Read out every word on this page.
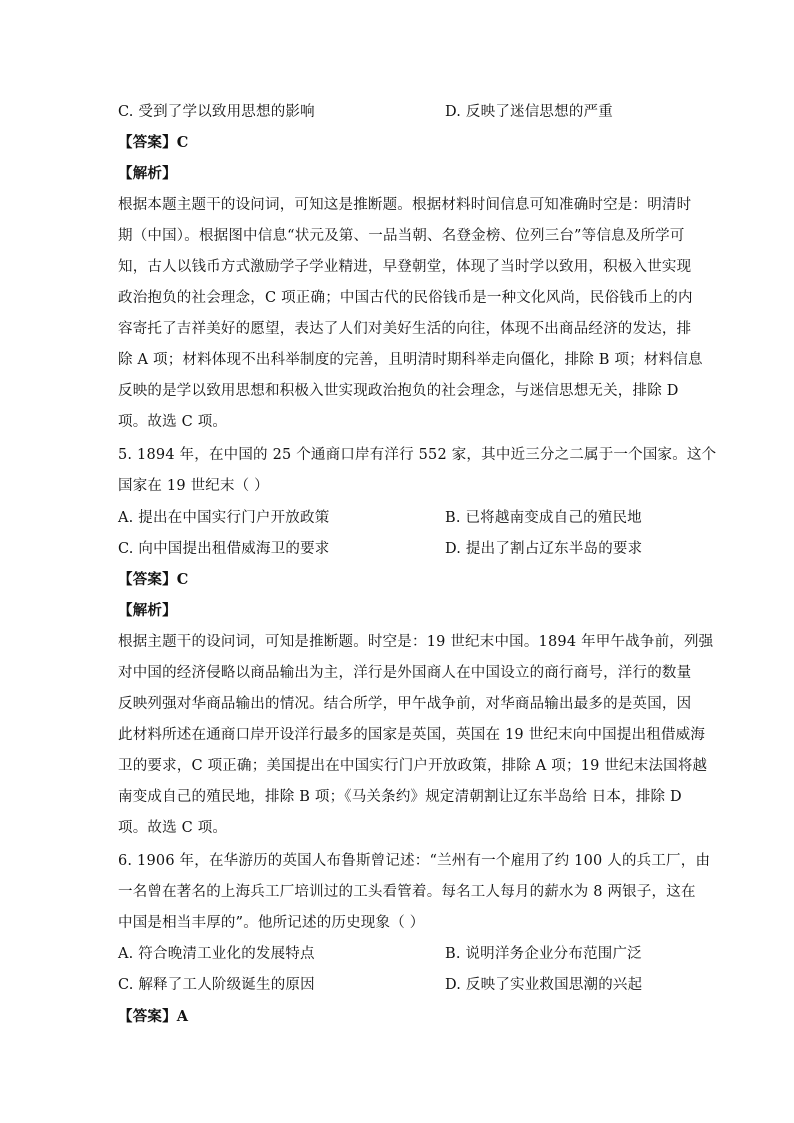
C. 受到了学以致用思想的影响	D. 反映了迷信思想的严重
【答案】C
【解析】
根据本题主题干的设问词，可知这是推断题。根据材料时间信息可知准确时空是：明清时
期（中国）。根据图中信息“状元及第、一品当朝、名登金榜、位列三台”等信息及所学可
知，古人以钱币方式激励学子学业精进，早登朝堂，体现了当时学以致用，积极入世实现
政治抱负的社会理念，C 项正确；中国古代的民俗钱币是一种文化风尚，民俗钱币上的内
容寄托了吉祥美好的愿望，表达了人们对美好生活的向往，体现不出商品经济的发达，排
除 A 项；材料体现不出科举制度的完善，且明清时期科举走向僵化，排除 B 项；材料信息
反映的是学以致用思想和积极入世实现政治抱负的社会理念，与迷信思想无关，排除 D
项。故选 C 项。
5. 1894 年，在中国的 25 个通商口岸有洋行 552 家，其中近三分之二属于一个国家。这个
国家在 19 世纪末（ ）
A. 提出在中国实行门户开放政策	B. 已将越南变成自己的殖民地
C. 向中国提出租借威海卫的要求	D. 提出了割占辽东半岛的要求
【答案】C
【解析】
根据主题干的设问词，可知是推断题。时空是：19 世纪末中国。1894 年甲午战争前，列强
对中国的经济侵略以商品输出为主，洋行是外国商人在中国设立的商行商号，洋行的数量
反映列强对华商品输出的情况。结合所学，甲午战争前，对华商品输出最多的是英国，因
此材料所述在通商口岸开设洋行最多的国家是英国，英国在 19 世纪末向中国提出租借威海
卫的要求，C 项正确；美国提出在中国实行门户开放政策，排除 A 项；19 世纪末法国将越
南变成自己的殖民地，排除 B 项；《马关条约》规定清朝割让辽东半岛给 日本，排除 D
项。故选 C 项。
6. 1906 年，在华游历的英国人布鲁斯曾记述：“兰州有一个雇用了约 100 人的兵工厂，由
一名曾在著名的上海兵工厂培训过的工头看管着。每名工人每月的薪水为 8 两银子，这在
中国是相当丰厚的”。他所记述的历史现象（ ）
A. 符合晚清工业化的发展特点	B. 说明洋务企业分布范围广泛
C. 解释了工人阶级诞生的原因	D. 反映了实业救国思潮的兴起
【答案】A
